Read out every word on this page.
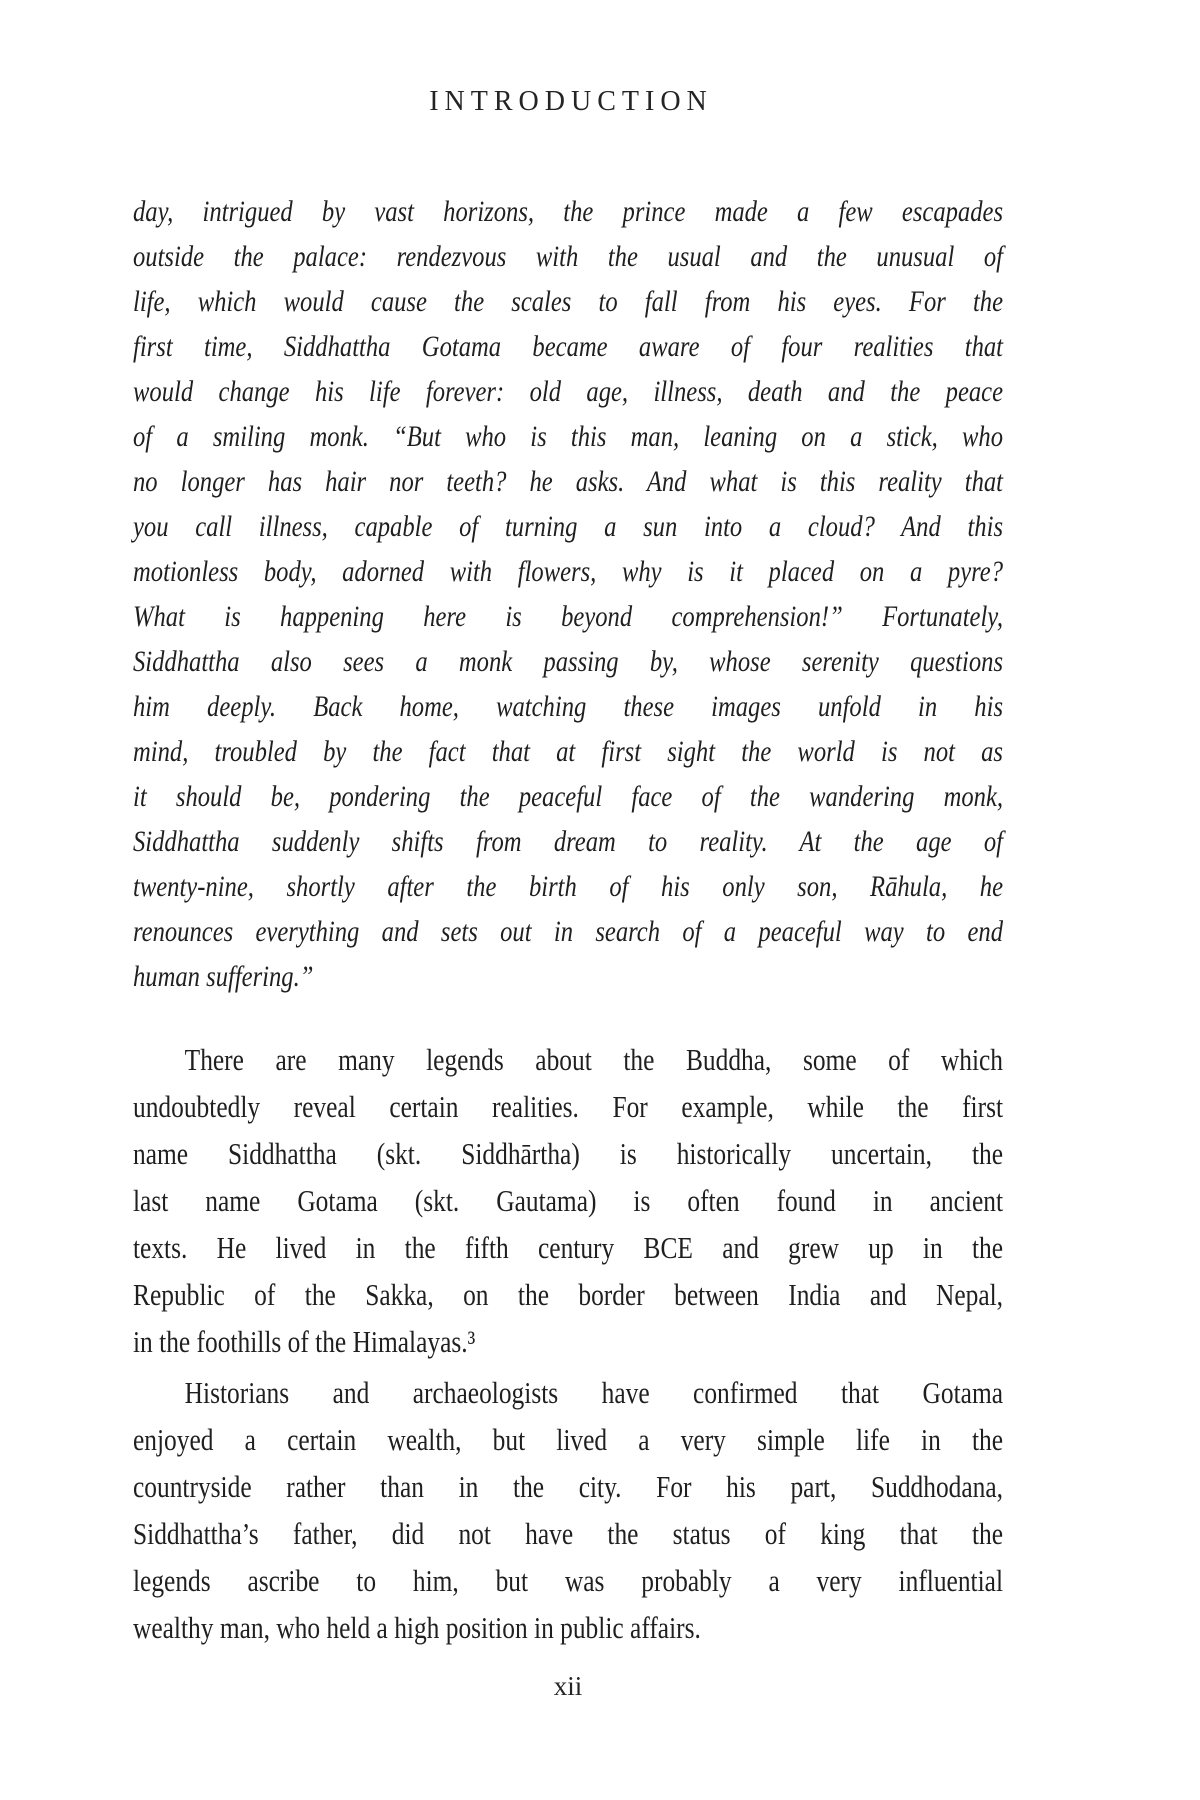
INTRODUCTION
day, intrigued by vast horizons, the prince made a few escapades
outside the palace: rendezvous with the usual and the unusual of
life, which would cause the scales to fall from his eyes. For the
first time, Siddhattha Gotama became aware of four realities that
would change his life forever: old age, illness, death and the peace
of a smiling monk. “But who is this man, leaning on a stick, who
no longer has hair nor teeth? he asks. And what is this reality that
you call illness, capable of turning a sun into a cloud? And this
motionless body, adorned with flowers, why is it placed on a pyre?
What is happening here is beyond comprehension!” Fortunately,
Siddhattha also sees a monk passing by, whose serenity questions
him deeply. Back home, watching these images unfold in his
mind, troubled by the fact that at first sight the world is not as
it should be, pondering the peaceful face of the wandering monk,
Siddhattha suddenly shifts from dream to reality. At the age of
twenty-nine, shortly after the birth of his only son, Rāhula, he
renounces everything and sets out in search of a peaceful way to end
human suffering.”
There are many legends about the Buddha, some of which
undoubtedly reveal certain realities. For example, while the first
name Siddhattha (skt. Siddhārtha) is historically uncertain, the
last name Gotama (skt. Gautama) is often found in ancient
texts. He lived in the fifth century BCE and grew up in the
Republic of the Sakka, on the border between India and Nepal,
in the foothills of the Himalayas.³
Historians and archaeologists have confirmed that Gotama
enjoyed a certain wealth, but lived a very simple life in the
countryside rather than in the city. For his part, Suddhodana,
Siddhattha’s father, did not have the status of king that the
legends ascribe to him, but was probably a very influential
wealthy man, who held a high position in public affairs.
xii
